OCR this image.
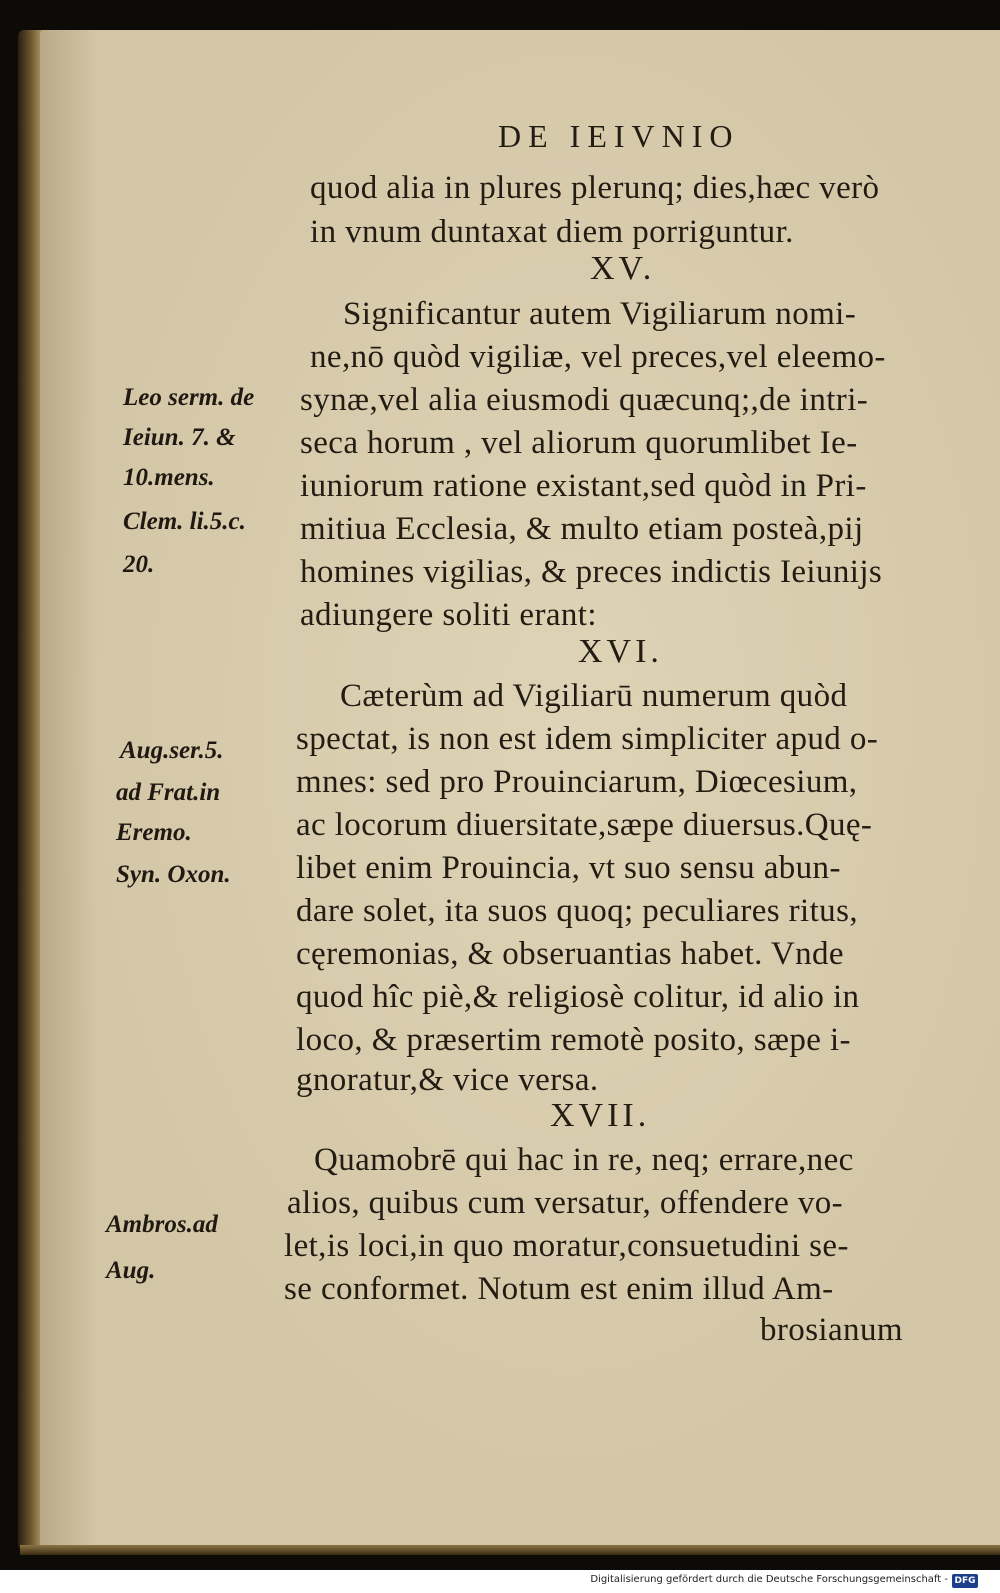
DE IEIVNIO
quod alia in plures plerunq; dies,hæc verò
in vnum duntaxat diem porriguntur.
XV.
Significantur autem Vigiliarum nomi-
ne,nō quòd vigiliæ, vel preces,vel eleemo-
synæ,vel alia eiusmodi quæcunq;,de intri-
seca horum , vel aliorum quorumlibet Ie-
iuniorum ratione existant,sed quòd in Pri-
mitiua Ecclesia, & multo etiam posteà,pij
homines vigilias, & preces indictis Ieiunijs
adiungere soliti erant:
XVI.
Cæterùm ad Vigiliarū numerum quòd
spectat, is non est idem simpliciter apud o-
mnes: sed pro Prouinciarum, Diœcesium,
ac locorum diuersitate,sæpe diuersus.Quę-
libet enim Prouincia, vt suo sensu abun-
dare solet, ita suos quoq; peculiares ritus,
cęremonias, & obseruantias habet. Vnde
quod hîc piè,& religiosè colitur, id alio in
loco, & præsertim remotè posito, sæpe i-
gnoratur,& vice versa.
XVII.
Quamobrē qui hac in re, neq; errare,nec
alios, quibus cum versatur, offendere vo-
let,is loci,in quo moratur,consuetudini se-
se conformet. Notum est enim illud Am-
brosianum
Leo serm. de
Ieiun. 7. &
10.mens.
Clem. li.5.c.
20.
Aug.ser.5.
ad Frat.in
Eremo.
Syn. Oxon.
Ambros.ad
Aug.
Digitalisierung gefördert durch die Deutsche Forschungsgemeinschaft - DFG
